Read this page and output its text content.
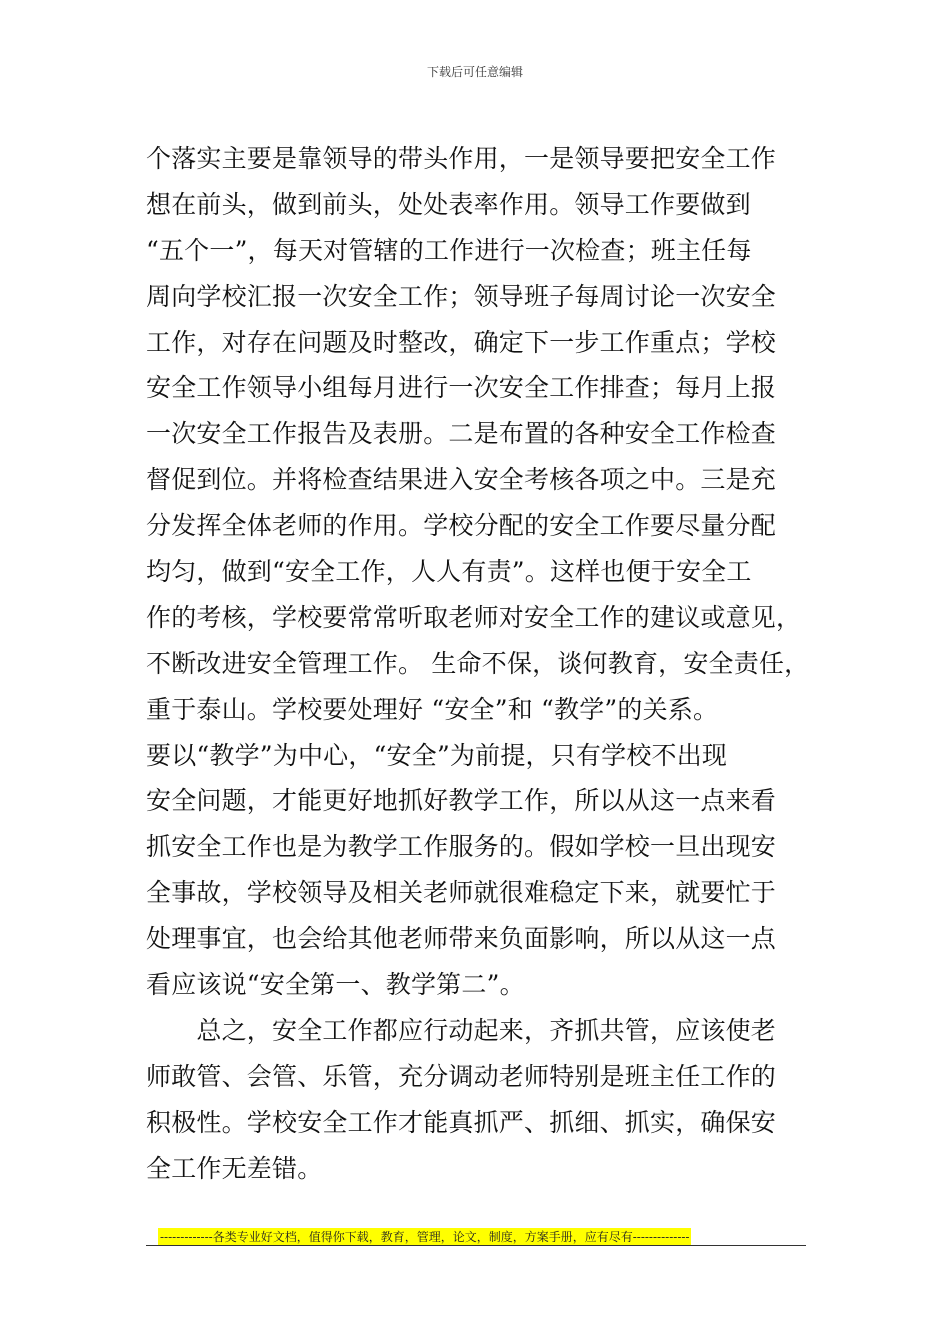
下载后可任意编辑
个落实主要是靠领导的带头作用，一是领导要把安全工作
想在前头，做到前头，处处表率作用。领导工作要做到
“五个一”，每天对管辖的工作进行一次检查；班主任每
周向学校汇报一次安全工作；领导班子每周讨论一次安全
工作，对存在问题及时整改，确定下一步工作重点；学校
安全工作领导小组每月进行一次安全工作排查；每月上报
一次安全工作报告及表册。二是布置的各种安全工作检查
督促到位。并将检查结果进入安全考核各项之中。三是充
分发挥全体老师的作用。学校分配的安全工作要尽量分配
均匀，做到“安全工作，人人有责”。这样也便于安全工
作的考核，学校要常常听取老师对安全工作的建议或意见，
不断改进安全管理工作。 生命不保，谈何教育，安全责任，
重于泰山。学校要处理好 “安全”和 “教学”的关系。
要以“教学”为中心，“安全”为前提，只有学校不出现
安全问题，才能更好地抓好教学工作，所以从这一点来看
抓安全工作也是为教学工作服务的。假如学校一旦出现安
全事故，学校领导及相关老师就很难稳定下来，就要忙于
处理事宜，也会给其他老师带来负面影响，所以从这一点
看应该说“安全第一、教学第二”。
　　总之，安全工作都应行动起来，齐抓共管，应该使老
师敢管、会管、乐管，充分调动老师特别是班主任工作的
积极性。学校安全工作才能真抓严、抓细、抓实，确保安
全工作无差错。
-------------各类专业好文档，值得你下载，教育，管理，论文，制度，方案手册，应有尽有--------------
